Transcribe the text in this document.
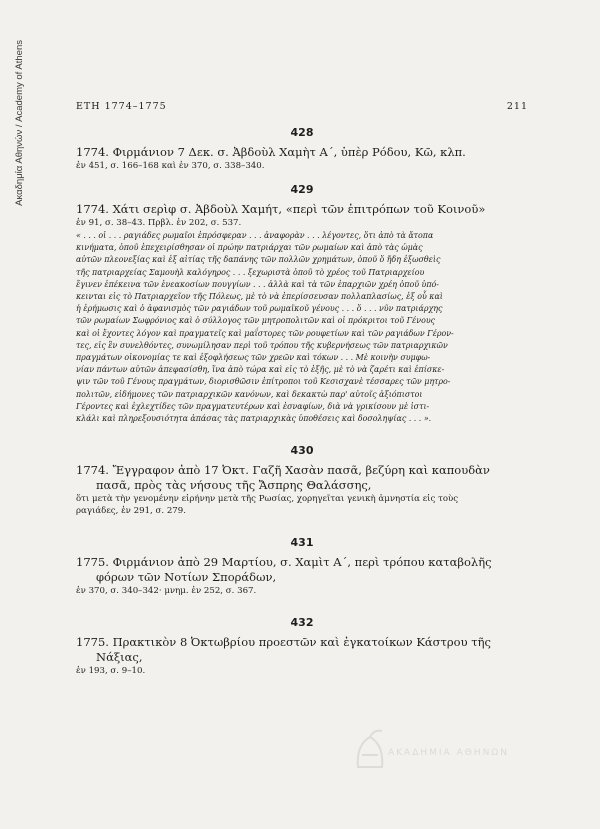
Ακαδημία Αθηνών / Academy of Athens	ΕΤΗ 1774–1775	211
428
1774. Φιρμάνιον 7 Δεκ. σ. Ἀβδοὺλ Χαμὴτ Α΄, ὑπὲρ Ρόδου, Κῶ, κλπ.
ἐν 451, σ. 166–168 καὶ ἐν 370, σ. 338–340.
429
1774. Χάτι σερὶφ σ. Ἀβδοὺλ Χαμήτ, «περὶ τῶν ἐπιτρόπων τοῦ Κοινοῦ»
ἐν 91, σ. 38–43. Πρβλ. ἐν 202, σ. 537.

« . . . οἱ . . . ραγιάδες ρωμαῖοι ἐπρόσφεραν . . . ἀναφορὰν . . . λέγοντες, ὅτι ἀπὸ τὰ ἄτοπα

κινήματα, ὁποῦ ἐπεχειρίσθησαν οἱ πρώην πατριάρχαι τῶν ρωμαίων καὶ ἀπὸ τὰς ὡμὰς

αὐτῶν πλεονεξίας καὶ ἐξ αἰτίας τῆς δαπάνης τῶν πολλῶν χρημάτων, ὁποῦ ὅ ἤδη ἐξωσθεὶς

τῆς πατριαρχείας Σαμουὴλ καλόγηρος . . . ξεχωριστὰ ὁποῦ τὸ χρέος τοῦ Πατριαρχείου

ἔγινεν ἐπέκεινα τῶν ἑνεακοσίων πουγγίων . . . ἀλλὰ καὶ τὰ τῶν ἐπαρχιῶν χρέη ὁποῦ ὑπό-

κεινται εἰς τὸ Πατριαρχεῖον τῆς Πόλεως, μὲ τὸ νὰ ἐπερίσσευσαν πολλαπλασίως, ἐξ οὗ καὶ

ἡ ἐρήμωσις καὶ ὁ ἀφανισμὸς τῶν ραγιάδων τοῦ ρωμαϊκοῦ γένους . . . ὅ . . . νῦν πατριάρχης

τῶν ρωμαίων Σωφρόνιος καὶ ὁ σύλλογος τῶν μητροπολιτῶν καὶ οἱ πρόκριτοι τοῦ Γένους

καὶ οἱ ἔχοντες λόγον καὶ πραγματεῖς καὶ μαΐστορες τῶν ρουφετίων καὶ τῶν ραγιάδων Γέρον-

τες, εἰς ἓν συνελθόντες, συνωμίλησαν περὶ τοῦ τρόπου τῆς κυβερνήσεως τῶν πατριαρχικῶν

πραγμάτων οἰκονομίας τε καὶ ἐξοφλήσεως τῶν χρεῶν καὶ τόκων . . . Μὲ κοινὴν συμφω-

νίαν πάντων αὐτῶν ἀπεφασίσθη, ἵνα ἀπὸ τώρα καὶ εἰς τὸ ἑξῆς, μὲ τὸ νὰ ζαρέτι καὶ ἐπίσκε-

ψιν τῶν τοῦ Γένους πραγμάτων, διορισθῶσιν ἐπίτροποι τοῦ Κεσισχανὲ τέσσαρες τῶν μητρο-

πολιτῶν, εἰδήμονες τῶν πατριαρχικῶν κανόνων, καὶ δεκακτὼ παρ' αὐτοῖς ἀξιόπιστοι

Γέροντες καὶ ἐχλεχτίδες τῶν πραγματευτέρων καὶ ἐσναφίων, διὰ νὰ γρικίσουν μὲ ἰστι-

κλάλι καὶ πληρεξουσιότητα ἁπάσας τὰς πατριαρχικὰς ὑποθέσεις καὶ δοσοληψίας . . . ».

430
1774. Ἔγγραφον ἀπὸ 17 Ὀκτ. Γαζῆ Χασὰν πασᾶ, βεζύρη καὶ καπουδὰν
πασᾶ, πρὸς τὰς νήσους τῆς Ἄσπρης Θαλάσσης,
ὅτι μετὰ τὴν γενομένην εἰρήνην μετὰ τῆς Ρωσίας, χορηγεῖται γενικὴ ἀμνηστία εἰς τοὺς
ραγιάδες, ἐν 291, σ. 279.
431
1775. Φιρμάνιον ἀπὸ 29 Μαρτίου, σ. Χαμὶτ Α΄, περὶ τρόπου καταβολῆς
φόρων τῶν Νοτίων Σποράδων,
ἐν 370, σ. 340–342· μνημ. ἐν 252, σ. 367.
432
1775. Πρακτικὸν 8 Ὀκτωβρίου προεστῶν καὶ ἐγκατοίκων Κάστρου τῆς
Νάξιας,
ἐν 193, σ. 9–10.
ΑΚΑΔΗΜΙΑ ΑΘΗΝΩΝ
